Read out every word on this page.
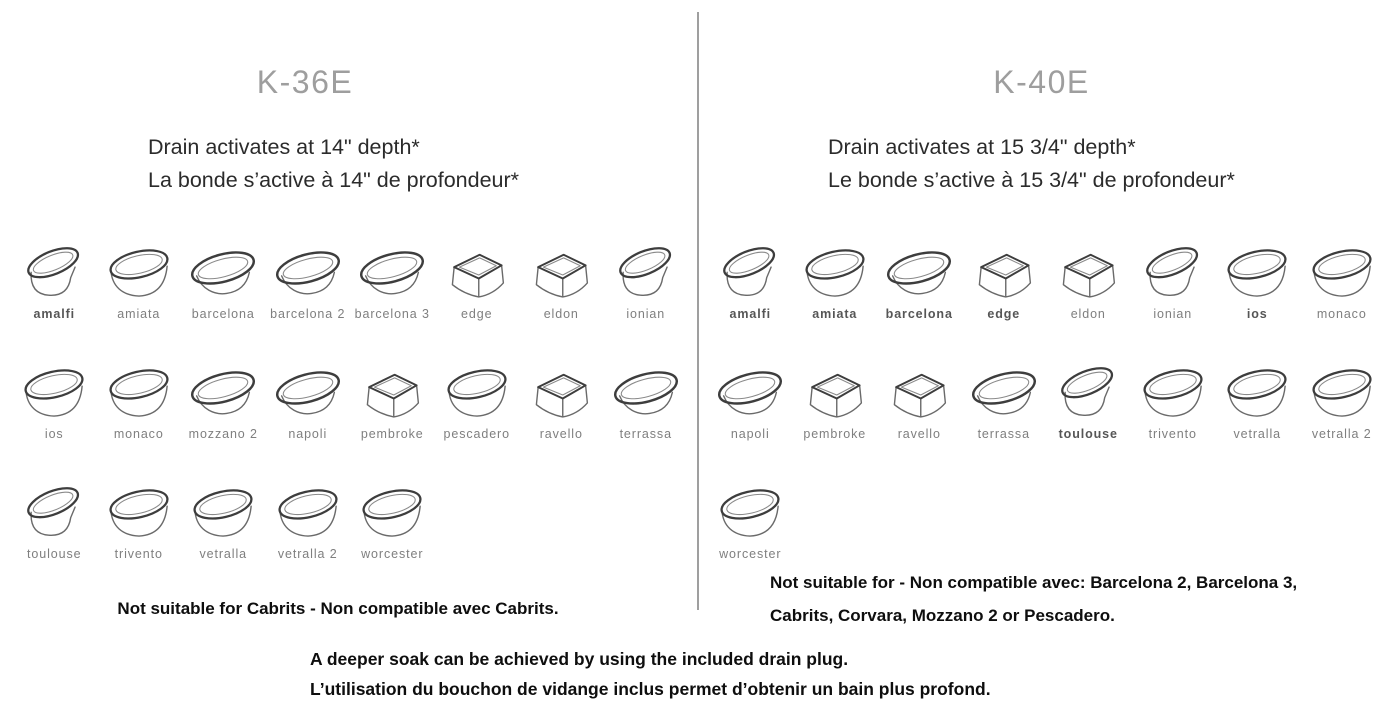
K-36E
Drain activates at 14" depth*
La bonde s’active à 14" de profondeur*
amalfi	amiata	barcelona barcelona 2 barcelona 3 edge	eldon	ionian
ios	monaco mozzano 2 napoli	pembroke pescadero ravello	terrassa
toulouse	trivento	vetralla vetralla 2 worcester
Not suitable for Cabrits - Non compatible avec Cabrits.
K-40E
Drain activates at 15 3/4" depth*
Le bonde s’active à 15 3/4" de profondeur*
amalfi	amiata barcelona	edge	eldon	ionian	ios	monaco
napoli	pembroke	ravello	terrassa toulouse trivento	vetralla vetralla 2
worcester
Not suitable for - Non compatible avec: Barcelona 2, Barcelona 3,
Cabrits, Corvara, Mozzano 2 or Pescadero.
A deeper soak can be achieved by using the included drain plug.
L’utilisation du bouchon de vidange inclus permet d’obtenir un bain plus profond.
